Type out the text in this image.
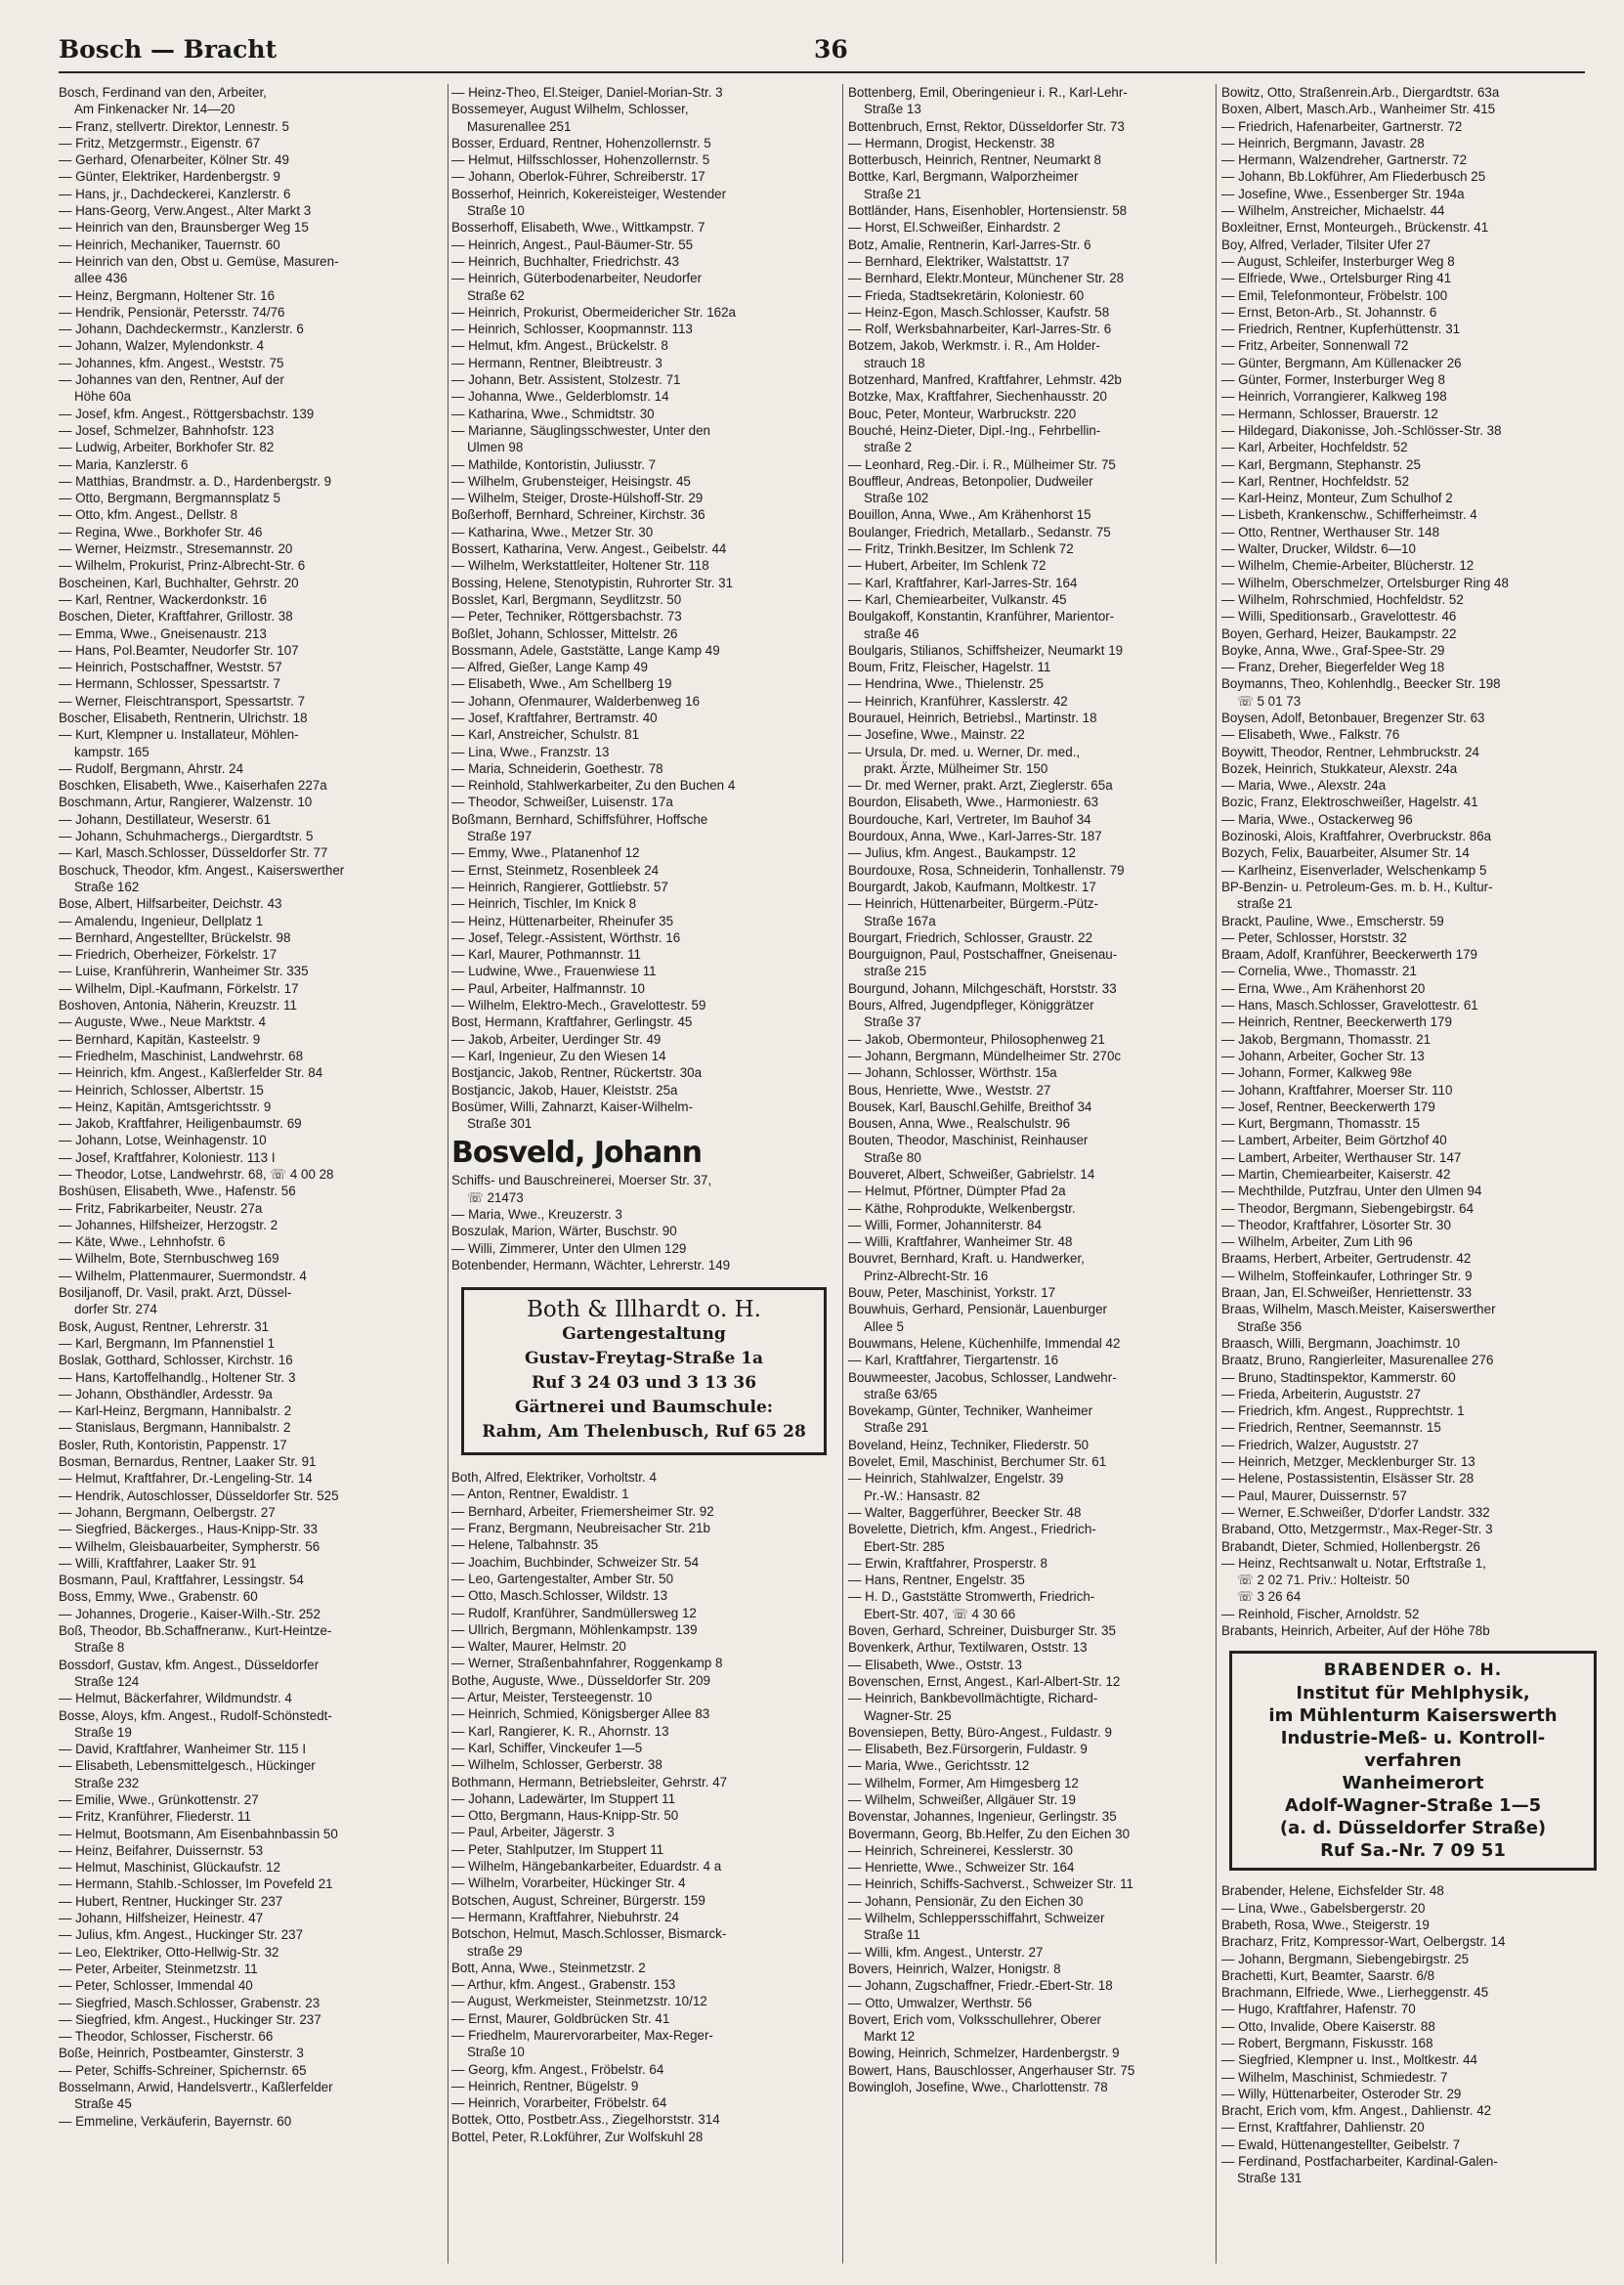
Bosch — Bracht	36
Bosch, Ferdinand van den, Arbeiter,
Am Finkenacker Nr. 14—20
— Franz, stellvertr. Direktor, Lennestr. 5
— Fritz, Metzgermstr., Eigenstr. 67
— Gerhard, Ofenarbeiter, Kölner Str. 49
— Günter, Elektriker, Hardenbergstr. 9
— Hans, jr., Dachdeckerei, Kanzlerstr. 6
— Hans-Georg, Verw.Angest., Alter Markt 3
— Heinrich van den, Braunsberger Weg 15
— Heinrich, Mechaniker, Tauernstr. 60
— Heinrich van den, Obst u. Gemüse, Masuren-
allee 436
— Heinz, Bergmann, Holtener Str. 16
— Hendrik, Pensionär, Petersstr. 74/76
— Johann, Dachdeckermstr., Kanzlerstr. 6
— Johann, Walzer, Mylendonkstr. 4
— Johannes, kfm. Angest., Weststr. 75
— Johannes van den, Rentner, Auf der
Höhe 60a
— Josef, kfm. Angest., Röttgersbachstr. 139
— Josef, Schmelzer, Bahnhofstr. 123
— Ludwig, Arbeiter, Borkhofer Str. 82
— Maria, Kanzlerstr. 6
— Matthias, Brandmstr. a. D., Hardenbergstr. 9
— Otto, Bergmann, Bergmannsplatz 5
— Otto, kfm. Angest., Dellstr. 8
— Regina, Wwe., Borkhofer Str. 46
— Werner, Heizmstr., Stresemannstr. 20
— Wilhelm, Prokurist, Prinz-Albrecht-Str. 6
Boscheinen, Karl, Buchhalter, Gehrstr. 20
— Karl, Rentner, Wackerdonkstr. 16
Boschen, Dieter, Kraftfahrer, Grillostr. 38
— Emma, Wwe., Gneisenaustr. 213
— Hans, Pol.Beamter, Neudorfer Str. 107
— Heinrich, Postschaffner, Weststr. 57
— Hermann, Schlosser, Spessartstr. 7
— Werner, Fleischtransport, Spessartstr. 7
Boscher, Elisabeth, Rentnerin, Ulrichstr. 18
— Kurt, Klempner u. Installateur, Möhlen-
kampstr. 165
— Rudolf, Bergmann, Ahrstr. 24
Boschken, Elisabeth, Wwe., Kaiserhafen 227a
Boschmann, Artur, Rangierer, Walzenstr. 10
— Johann, Destillateur, Weserstr. 61
— Johann, Schuhmachergs., Diergardtstr. 5
— Karl, Masch.Schlosser, Düsseldorfer Str. 77
Boschuck, Theodor, kfm. Angest., Kaiserswerther
Straße 162
Bose, Albert, Hilfsarbeiter, Deichstr. 43
— Amalendu, Ingenieur, Dellplatz 1
— Bernhard, Angestellter, Brückelstr. 98
— Friedrich, Oberheizer, Förkelstr. 17
— Luise, Kranführerin, Wanheimer Str. 335
— Wilhelm, Dipl.-Kaufmann, Förkelstr. 17
Boshoven, Antonia, Näherin, Kreuzstr. 11
— Auguste, Wwe., Neue Marktstr. 4
— Bernhard, Kapitän, Kasteelstr. 9
— Friedhelm, Maschinist, Landwehrstr. 68
— Heinrich, kfm. Angest., Kaßlerfelder Str. 84
— Heinrich, Schlosser, Albertstr. 15
— Heinz, Kapitän, Amtsgerichtsstr. 9
— Jakob, Kraftfahrer, Heiligenbaumstr. 69
— Johann, Lotse, Weinhagenstr. 10
— Josef, Kraftfahrer, Koloniestr. 113 I
— Theodor, Lotse, Landwehrstr. 68, ☏ 4 00 28
Boshüsen, Elisabeth, Wwe., Hafenstr. 56
— Fritz, Fabrikarbeiter, Neustr. 27a
— Johannes, Hilfsheizer, Herzogstr. 2
— Käte, Wwe., Lehnhofstr. 6
— Wilhelm, Bote, Sternbuschweg 169
— Wilhelm, Plattenmaurer, Suermondstr. 4
Bosiljanoff, Dr. Vasil, prakt. Arzt, Düssel-
dorfer Str. 274
Bosk, August, Rentner, Lehrerstr. 31
— Karl, Bergmann, Im Pfannenstiel 1
Boslak, Gotthard, Schlosser, Kirchstr. 16
— Hans, Kartoffelhandlg., Holtener Str. 3
— Johann, Obsthändler, Ardesstr. 9a
— Karl-Heinz, Bergmann, Hannibalstr. 2
— Stanislaus, Bergmann, Hannibalstr. 2
Bosler, Ruth, Kontoristin, Pappenstr. 17
Bosman, Bernardus, Rentner, Laaker Str. 91
— Helmut, Kraftfahrer, Dr.-Lengeling-Str. 14
— Hendrik, Autoschlosser, Düsseldorfer Str. 525
— Johann, Bergmann, Oelbergstr. 27
— Siegfried, Bäckerges., Haus-Knipp-Str. 33
— Wilhelm, Gleisbauarbeiter, Sympherstr. 56
— Willi, Kraftfahrer, Laaker Str. 91
Bosmann, Paul, Kraftfahrer, Lessingstr. 54
Boss, Emmy, Wwe., Grabenstr. 60
— Johannes, Drogerie., Kaiser-Wilh.-Str. 252
Boß, Theodor, Bb.Schaffneranw., Kurt-Heintze-
Straße 8
Bossdorf, Gustav, kfm. Angest., Düsseldorfer
Straße 124
— Helmut, Bäckerfahrer, Wildmundstr. 4
Bosse, Aloys, kfm. Angest., Rudolf-Schönstedt-
Straße 19
— David, Kraftfahrer, Wanheimer Str. 115 I
— Elisabeth, Lebensmittelgesch., Hückinger
Straße 232
— Emilie, Wwe., Grünkottenstr. 27
— Fritz, Kranführer, Fliederstr. 11
— Helmut, Bootsmann, Am Eisenbahnbassin 50
— Heinz, Beifahrer, Duissernstr. 53
— Helmut, Maschinist, Glückaufstr. 12
— Hermann, Stahlb.-Schlosser, Im Povefeld 21
— Hubert, Rentner, Huckinger Str. 237
— Johann, Hilfsheizer, Heinestr. 47
— Julius, kfm. Angest., Huckinger Str. 237
— Leo, Elektriker, Otto-Hellwig-Str. 32
— Peter, Arbeiter, Steinmetzstr. 11
— Peter, Schlosser, Immendal 40
— Siegfried, Masch.Schlosser, Grabenstr. 23
— Siegfried, kfm. Angest., Huckinger Str. 237
— Theodor, Schlosser, Fischerstr. 66
Boße, Heinrich, Postbeamter, Ginsterstr. 3
— Peter, Schiffs-Schreiner, Spichernstr. 65
Bosselmann, Arwid, Handelsvertr., Kaßlerfelder
Straße 45
— Emmeline, Verkäuferin, Bayernstr. 60
— Heinz-Theo, El.Steiger, Daniel-Morian-Str. 3
Bossemeyer, August Wilhelm, Schlosser,
Masurenallee 251
Bosser, Erduard, Rentner, Hohenzollernstr. 5
— Helmut, Hilfsschlosser, Hohenzollernstr. 5
— Johann, Oberlok-Führer, Schreiberstr. 17
Bosserhof, Heinrich, Kokereisteiger, Westender
Straße 10
Bosserhoff, Elisabeth, Wwe., Wittkampstr. 7
— Heinrich, Angest., Paul-Bäumer-Str. 55
— Heinrich, Buchhalter, Friedrichstr. 43
— Heinrich, Güterbodenarbeiter, Neudorfer
Straße 62
— Heinrich, Prokurist, Obermeidericher Str. 162a
— Heinrich, Schlosser, Koopmannstr. 113
— Helmut, kfm. Angest., Brückelstr. 8
— Hermann, Rentner, Bleibtreustr. 3
— Johann, Betr. Assistent, Stolzestr. 71
— Johanna, Wwe., Gelderblomstr. 14
— Katharina, Wwe., Schmidtstr. 30
— Marianne, Säuglingsschwester, Unter den
Ulmen 98
— Mathilde, Kontoristin, Juliusstr. 7
— Wilhelm, Grubensteiger, Heisingstr. 45
— Wilhelm, Steiger, Droste-Hülshoff-Str. 29
Boßerhoff, Bernhard, Schreiner, Kirchstr. 36
— Katharina, Wwe., Metzer Str. 30
Bossert, Katharina, Verw. Angest., Geibelstr. 44
— Wilhelm, Werkstattleiter, Holtener Str. 118
Bossing, Helene, Stenotypistin, Ruhrorter Str. 31
Bosslet, Karl, Bergmann, Seydlitzstr. 50
— Peter, Techniker, Röttgersbachstr. 73
Boßlet, Johann, Schlosser, Mittelstr. 26
Bossmann, Adele, Gaststätte, Lange Kamp 49
— Alfred, Gießer, Lange Kamp 49
— Elisabeth, Wwe., Am Schellberg 19
— Johann, Ofenmaurer, Walderbenweg 16
— Josef, Kraftfahrer, Bertramstr. 40
— Karl, Anstreicher, Schulstr. 81
— Lina, Wwe., Franzstr. 13
— Maria, Schneiderin, Goethestr. 78
— Reinhold, Stahlwerkarbeiter, Zu den Buchen 4
— Theodor, Schweißer, Luisenstr. 17a
Boßmann, Bernhard, Schiffsführer, Hoffsche
Straße 197
— Emmy, Wwe., Platanenhof 12
— Ernst, Steinmetz, Rosenbleek 24
— Heinrich, Rangierer, Gottliebstr. 57
— Heinrich, Tischler, Im Knick 8
— Heinz, Hüttenarbeiter, Rheinufer 35
— Josef, Telegr.-Assistent, Wörthstr. 16
— Karl, Maurer, Pothmannstr. 11
— Ludwine, Wwe., Frauenwiese 11
— Paul, Arbeiter, Halfmannstr. 10
— Wilhelm, Elektro-Mech., Gravelottestr. 59
Bost, Hermann, Kraftfahrer, Gerlingstr. 45
— Jakob, Arbeiter, Uerdinger Str. 49
— Karl, Ingenieur, Zu den Wiesen 14
Bostjancic, Jakob, Rentner, Rückertstr. 30a
Bostjancic, Jakob, Hauer, Kleiststr. 25a
Bosümer, Willi, Zahnarzt, Kaiser-Wilhelm-
Straße 301
Bosveld, Johann
Schiffs- und Bauschreinerei, Moerser Str. 37,
☏ 21473
— Maria, Wwe., Kreuzerstr. 3
Boszulak, Marion, Wärter, Buschstr. 90
— Willi, Zimmerer, Unter den Ulmen 129
Botenbender, Hermann, Wächter, Lehrerstr. 149
Both & Illhardt o. H.
Gartengestaltung
Gustav-Freytag-Straße 1a
Ruf 3 24 03 und 3 13 36
Gärtnerei und Baumschule:
Rahm, Am Thelenbusch, Ruf 65 28
Both, Alfred, Elektriker, Vorholtstr. 4
— Anton, Rentner, Ewaldistr. 1
— Bernhard, Arbeiter, Friemersheimer Str. 92
— Franz, Bergmann, Neubreisacher Str. 21b
— Helene, Talbahnstr. 35
— Joachim, Buchbinder, Schweizer Str. 54
— Leo, Gartengestalter, Amber Str. 50
— Otto, Masch.Schlosser, Wildstr. 13
— Rudolf, Kranführer, Sandmüllersweg 12
— Ullrich, Bergmann, Möhlenkampstr. 139
— Walter, Maurer, Helmstr. 20
— Werner, Straßenbahnfahrer, Roggenkamp 8
Bothe, Auguste, Wwe., Düsseldorfer Str. 209
— Artur, Meister, Tersteegenstr. 10
— Heinrich, Schmied, Königsberger Allee 83
— Karl, Rangierer, K. R., Ahornstr. 13
— Karl, Schiffer, Vinckeufer 1—5
— Wilhelm, Schlosser, Gerberstr. 38
Bothmann, Hermann, Betriebsleiter, Gehrstr. 47
— Johann, Ladewärter, Im Stuppert 11
— Otto, Bergmann, Haus-Knipp-Str. 50
— Paul, Arbeiter, Jägerstr. 3
— Peter, Stahlputzer, Im Stuppert 11
— Wilhelm, Hängebankarbeiter, Eduardstr. 4 a
— Wilhelm, Vorarbeiter, Hückinger Str. 4
Botschen, August, Schreiner, Bürgerstr. 159
— Hermann, Kraftfahrer, Niebuhrstr. 24
Botschon, Helmut, Masch.Schlosser, Bismarck-
straße 29
Bott, Anna, Wwe., Steinmetzstr. 2
— Arthur, kfm. Angest., Grabenstr. 153
— August, Werkmeister, Steinmetzstr. 10/12
— Ernst, Maurer, Goldbrücken Str. 41
— Friedhelm, Maurervorarbeiter, Max-Reger-
Straße 10
— Georg, kfm. Angest., Fröbelstr. 64
— Heinrich, Rentner, Bügelstr. 9
— Heinrich, Vorarbeiter, Fröbelstr. 64
Bottek, Otto, Postbetr.Ass., Ziegelhorststr. 314
Bottel, Peter, R.Lokführer, Zur Wolfskuhl 28
Bottenberg, Emil, Oberingenieur i. R., Karl-Lehr-
Straße 13
Bottenbruch, Ernst, Rektor, Düsseldorfer Str. 73
— Hermann, Drogist, Heckenstr. 38
Botterbusch, Heinrich, Rentner, Neumarkt 8
Bottke, Karl, Bergmann, Walporzheimer
Straße 21
Bottländer, Hans, Eisenhobler, Hortensienstr. 58
— Horst, El.Schweißer, Einhardstr. 2
Botz, Amalie, Rentnerin, Karl-Jarres-Str. 6
— Bernhard, Elektriker, Walstattstr. 17
— Bernhard, Elektr.Monteur, Münchener Str. 28
— Frieda, Stadtsekretärin, Koloniestr. 60
— Heinz-Egon, Masch.Schlosser, Kaufstr. 58
— Rolf, Werksbahnarbeiter, Karl-Jarres-Str. 6
Botzem, Jakob, Werkmstr. i. R., Am Holder-
strauch 18
Botzenhard, Manfred, Kraftfahrer, Lehmstr. 42b
Botzke, Max, Kraftfahrer, Siechenhausstr. 20
Bouc, Peter, Monteur, Warbruckstr. 220
Bouché, Heinz-Dieter, Dipl.-Ing., Fehrbellin-
straße 2
— Leonhard, Reg.-Dir. i. R., Mülheimer Str. 75
Bouffleur, Andreas, Betonpolier, Dudweiler
Straße 102
Bouillon, Anna, Wwe., Am Krähenhorst 15
Boulanger, Friedrich, Metallarb., Sedanstr. 75
— Fritz, Trinkh.Besitzer, Im Schlenk 72
— Hubert, Arbeiter, Im Schlenk 72
— Karl, Kraftfahrer, Karl-Jarres-Str. 164
— Karl, Chemiearbeiter, Vulkanstr. 45
Boulgakoff, Konstantin, Kranführer, Marientor-
straße 46
Boulgaris, Stilianos, Schiffsheizer, Neumarkt 19
Boum, Fritz, Fleischer, Hagelstr. 11
— Hendrina, Wwe., Thielenstr. 25
— Heinrich, Kranführer, Kasslerstr. 42
Bourauel, Heinrich, Betriebsl., Martinstr. 18
— Josefine, Wwe., Mainstr. 22
— Ursula, Dr. med. u. Werner, Dr. med.,
prakt. Ärzte, Mülheimer Str. 150
— Dr. med Werner, prakt. Arzt, Zieglerstr. 65a
Bourdon, Elisabeth, Wwe., Harmoniestr. 63
Bourdouche, Karl, Vertreter, Im Bauhof 34
Bourdoux, Anna, Wwe., Karl-Jarres-Str. 187
— Julius, kfm. Angest., Baukampstr. 12
Bourdouxe, Rosa, Schneiderin, Tonhallenstr. 79
Bourgardt, Jakob, Kaufmann, Moltkestr. 17
— Heinrich, Hüttenarbeiter, Bürgerm.-Pütz-
Straße 167a
Bourgart, Friedrich, Schlosser, Graustr. 22
Bourguignon, Paul, Postschaffner, Gneisenau-
straße 215
Bourgund, Johann, Milchgeschäft, Horststr. 33
Bours, Alfred, Jugendpfleger, Königgrätzer
Straße 37
— Jakob, Obermonteur, Philosophenweg 21
— Johann, Bergmann, Mündelheimer Str. 270c
— Johann, Schlosser, Wörthstr. 15a
Bous, Henriette, Wwe., Weststr. 27
Bousek, Karl, Bauschl.Gehilfe, Breithof 34
Bousen, Anna, Wwe., Realschulstr. 96
Bouten, Theodor, Maschinist, Reinhauser
Straße 80
Bouveret, Albert, Schweißer, Gabrielstr. 14
— Helmut, Pförtner, Dümpter Pfad 2a
— Käthe, Rohprodukte, Welkenbergstr.
— Willi, Former, Johanniterstr. 84
— Willi, Kraftfahrer, Wanheimer Str. 48
Bouvret, Bernhard, Kraft. u. Handwerker,
Prinz-Albrecht-Str. 16
Bouw, Peter, Maschinist, Yorkstr. 17
Bouwhuis, Gerhard, Pensionär, Lauenburger
Allee 5
Bouwmans, Helene, Küchenhilfe, Immendal 42
— Karl, Kraftfahrer, Tiergartenstr. 16
Bouwmeester, Jacobus, Schlosser, Landwehr-
straße 63/65
Bovekamp, Günter, Techniker, Wanheimer
Straße 291
Boveland, Heinz, Techniker, Fliederstr. 50
Bovelet, Emil, Maschinist, Berchumer Str. 61
— Heinrich, Stahlwalzer, Engelstr. 39
Pr.-W.: Hansastr. 82
— Walter, Baggerführer, Beecker Str. 48
Bovelette, Dietrich, kfm. Angest., Friedrich-
Ebert-Str. 285
— Erwin, Kraftfahrer, Prosperstr. 8
— Hans, Rentner, Engelstr. 35
— H. D., Gaststätte Stromwerth, Friedrich-
Ebert-Str. 407, ☏ 4 30 66
Boven, Gerhard, Schreiner, Duisburger Str. 35
Bovenkerk, Arthur, Textilwaren, Oststr. 13
— Elisabeth, Wwe., Oststr. 13
Bovenschen, Ernst, Angest., Karl-Albert-Str. 12
— Heinrich, Bankbevollmächtigte, Richard-
Wagner-Str. 25
Bovensiepen, Betty, Büro-Angest., Fuldastr. 9
— Elisabeth, Bez.Fürsorgerin, Fuldastr. 9
— Maria, Wwe., Gerichtsstr. 12
— Wilhelm, Former, Am Himgesberg 12
— Wilhelm, Schweißer, Allgäuer Str. 19
Bovenstar, Johannes, Ingenieur, Gerlingstr. 35
Bovermann, Georg, Bb.Helfer, Zu den Eichen 30
— Heinrich, Schreinerei, Kesslerstr. 30
— Henriette, Wwe., Schweizer Str. 164
— Heinrich, Schiffs-Sachverst., Schweizer Str. 11
— Johann, Pensionär, Zu den Eichen 30
— Wilhelm, Schleppersschiffahrt, Schweizer
Straße 11
— Willi, kfm. Angest., Unterstr. 27
Bovers, Heinrich, Walzer, Honigstr. 8
— Johann, Zugschaffner, Friedr.-Ebert-Str. 18
— Otto, Umwalzer, Werthstr. 56
Bovert, Erich vom, Volksschullehrer, Oberer
Markt 12
Bowing, Heinrich, Schmelzer, Hardenbergstr. 9
Bowert, Hans, Bauschlosser, Angerhauser Str. 75
Bowingloh, Josefine, Wwe., Charlottenstr. 78
Bowitz, Otto, Straßenrein.Arb., Diergardtstr. 63a
Boxen, Albert, Masch.Arb., Wanheimer Str. 415
— Friedrich, Hafenarbeiter, Gartnerstr. 72
— Heinrich, Bergmann, Javastr. 28
— Hermann, Walzendreher, Gartnerstr. 72
— Johann, Bb.Lokführer, Am Fliederbusch 25
— Josefine, Wwe., Essenberger Str. 194a
— Wilhelm, Anstreicher, Michaelstr. 44
Boxleitner, Ernst, Monteurgeh., Brückenstr. 41
Boy, Alfred, Verlader, Tilsiter Ufer 27
— August, Schleifer, Insterburger Weg 8
— Elfriede, Wwe., Ortelsburger Ring 41
— Emil, Telefonmonteur, Fröbelstr. 100
— Ernst, Beton-Arb., St. Johannstr. 6
— Friedrich, Rentner, Kupferhüttenstr. 31
— Fritz, Arbeiter, Sonnenwall 72
— Günter, Bergmann, Am Küllenacker 26
— Günter, Former, Insterburger Weg 8
— Heinrich, Vorrangierer, Kalkweg 198
— Hermann, Schlosser, Brauerstr. 12
— Hildegard, Diakonisse, Joh.-Schlösser-Str. 38
— Karl, Arbeiter, Hochfeldstr. 52
— Karl, Bergmann, Stephanstr. 25
— Karl, Rentner, Hochfeldstr. 52
— Karl-Heinz, Monteur, Zum Schulhof 2
— Lisbeth, Krankenschw., Schifferheimstr. 4
— Otto, Rentner, Werthauser Str. 148
— Walter, Drucker, Wildstr. 6—10
— Wilhelm, Chemie-Arbeiter, Blücherstr. 12
— Wilhelm, Oberschmelzer, Ortelsburger Ring 48
— Wilhelm, Rohrschmied, Hochfeldstr. 52
— Willi, Speditionsarb., Gravelottestr. 46
Boyen, Gerhard, Heizer, Baukampstr. 22
Boyke, Anna, Wwe., Graf-Spee-Str. 29
— Franz, Dreher, Biegerfelder Weg 18
Boymanns, Theo, Kohlenhdlg., Beecker Str. 198
☏ 5 01 73
Boysen, Adolf, Betonbauer, Bregenzer Str. 63
— Elisabeth, Wwe., Falkstr. 76
Boywitt, Theodor, Rentner, Lehmbruckstr. 24
Bozek, Heinrich, Stukkateur, Alexstr. 24a
— Maria, Wwe., Alexstr. 24a
Bozic, Franz, Elektroschweißer, Hagelstr. 41
— Maria, Wwe., Ostackerweg 96
Bozinoski, Alois, Kraftfahrer, Overbruckstr. 86a
Bozych, Felix, Bauarbeiter, Alsumer Str. 14
— Karlheinz, Eisenverlader, Welschenkamp 5
BP-Benzin- u. Petroleum-Ges. m. b. H., Kultur-
straße 21
Brackt, Pauline, Wwe., Emscherstr. 59
— Peter, Schlosser, Horststr. 32
Braam, Adolf, Kranführer, Beeckerwerth 179
— Cornelia, Wwe., Thomasstr. 21
— Erna, Wwe., Am Krähenhorst 20
— Hans, Masch.Schlosser, Gravelottestr. 61
— Heinrich, Rentner, Beeckerwerth 179
— Jakob, Bergmann, Thomasstr. 21
— Johann, Arbeiter, Gocher Str. 13
— Johann, Former, Kalkweg 98e
— Johann, Kraftfahrer, Moerser Str. 110
— Josef, Rentner, Beeckerwerth 179
— Kurt, Bergmann, Thomasstr. 15
— Lambert, Arbeiter, Beim Görtzhof 40
— Lambert, Arbeiter, Werthauser Str. 147
— Martin, Chemiearbeiter, Kaiserstr. 42
— Mechthilde, Putzfrau, Unter den Ulmen 94
— Theodor, Bergmann, Siebengebirgstr. 64
— Theodor, Kraftfahrer, Lösorter Str. 30
— Wilhelm, Arbeiter, Zum Lith 96
Braams, Herbert, Arbeiter, Gertrudenstr. 42
— Wilhelm, Stoffeinkaufer, Lothringer Str. 9
Braan, Jan, El.Schweißer, Henriettenstr. 33
Braas, Wilhelm, Masch.Meister, Kaiserswerther
Straße 356
Braasch, Willi, Bergmann, Joachimstr. 10
Braatz, Bruno, Rangierleiter, Masurenallee 276
— Bruno, Stadtinspektor, Kammerstr. 60
— Frieda, Arbeiterin, Auguststr. 27
— Friedrich, kfm. Angest., Rupprechtstr. 1
— Friedrich, Rentner, Seemannstr. 15
— Friedrich, Walzer, Auguststr. 27
— Heinrich, Metzger, Mecklenburger Str. 13
— Helene, Postassistentin, Elsässer Str. 28
— Paul, Maurer, Duissernstr. 57
— Werner, E.Schweißer, D'dorfer Landstr. 332
Braband, Otto, Metzgermstr., Max-Reger-Str. 3
Brabandt, Dieter, Schmied, Hollenbergstr. 26
— Heinz, Rechtsanwalt u. Notar, Erftstraße 1,
☏ 2 02 71. Priv.: Holteistr. 50
☏ 3 26 64
— Reinhold, Fischer, Arnoldstr. 52
Brabants, Heinrich, Arbeiter, Auf der Höhe 78b
BRABENDER o. H.
Institut für Mehlphysik,
im Mühlenturm Kaiserswerth
Industrie-Meß- u. Kontroll-
verfahren
Wanheimerort
Adolf-Wagner-Straße 1—5
(a. d. Düsseldorfer Straße)
Ruf Sa.-Nr. 7 09 51
Brabender, Helene, Eichsfelder Str. 48
— Lina, Wwe., Gabelsbergerstr. 20
Brabeth, Rosa, Wwe., Steigerstr. 19
Bracharz, Fritz, Kompressor-Wart, Oelbergstr. 14
— Johann, Bergmann, Siebengebirgstr. 25
Brachetti, Kurt, Beamter, Saarstr. 6/8
Brachmann, Elfriede, Wwe., Lierheggenstr. 45
— Hugo, Kraftfahrer, Hafenstr. 70
— Otto, Invalide, Obere Kaiserstr. 88
— Robert, Bergmann, Fiskusstr. 168
— Siegfried, Klempner u. Inst., Moltkestr. 44
— Wilhelm, Maschinist, Schmiedestr. 7
— Willy, Hüttenarbeiter, Osteroder Str. 29
Bracht, Erich vom, kfm. Angest., Dahlienstr. 42
— Ernst, Kraftfahrer, Dahlienstr. 20
— Ewald, Hüttenangestellter, Geibelstr. 7
— Ferdinand, Postfacharbeiter, Kardinal-Galen-
Straße 131
